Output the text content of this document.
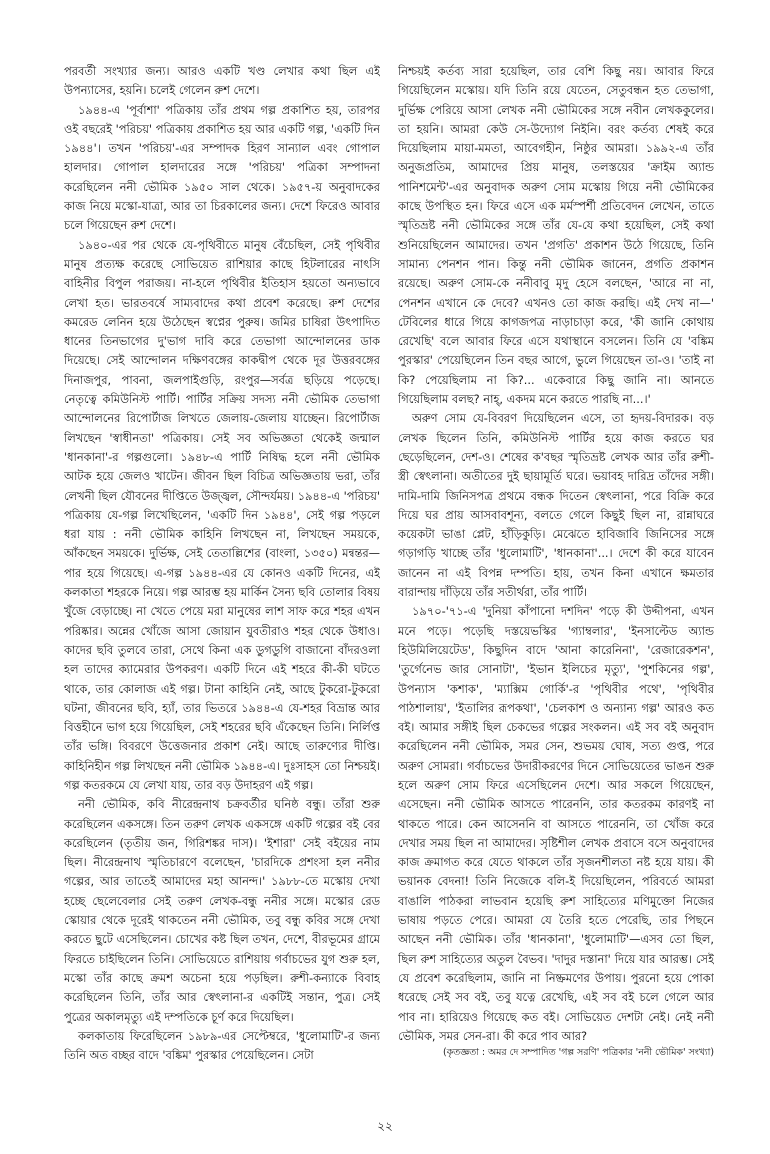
পরবর্তী সংখ্যার জন্য। আরও একটি খণ্ড লেখার কথা ছিল এই উপন্যাসের, হয়নি। চলেই গেলেন রুশ দেশে।

১৯৪৪-এ 'পূর্বাশা' পত্রিকায় তাঁর প্রথম গল্প প্রকাশিত হয়, তারপর ওই বছরেই 'পরিচয়' পত্রিকায় প্রকাশিত হয় আর একটি গল্প, 'একটি দিন ১৯৪৪'। তখন 'পরিচয়'-এর সম্পাদক হিরণ সান্যাল এবং গোপাল হালদার। গোপাল হালদারের সঙ্গে 'পরিচয়' পত্রিকা সম্পাদনা করেছিলেন ননী ভৌমিক ১৯৫০ সাল থেকে। ১৯৫৭-য় অনুবাদকের কাজ নিয়ে মস্কো-যাত্রা, আর তা চিরকালের জন্য। দেশে ফিরেও আবার চলে গিয়েছেন রুশ দেশে।

১৯৪০-এর পর থেকে যে-পৃথিবীতে মানুষ বেঁচেছিল, সেই পৃথিবীর মানুষ প্রত্যক্ষ করেছে সোভিয়েত রাশিয়ার কাছে হিটলারের নাৎসি বাহিনীর বিপুল পরাজয়। না-হলে পৃথিবীর ইতিহাস হয়তো অন্যভাবে লেখা হত। ভারতবর্ষে সাম্যবাদের কথা প্রবেশ করেছে। রুশ দেশের কমরেড লেনিন হয়ে উঠেছেন স্বপ্নের পুরুষ। জমির চাষিরা উৎপাদিত ধানের তিনভাগের দু'ভাগ দাবি করে তেভাগা আন্দোলনের ডাক দিয়েছে। সেই আন্দোলন দক্ষিণবঙ্গের কাকদ্বীপ থেকে দূর উত্তরবঙ্গের দিনাজপুর, পাবনা, জলপাইগুড়ি, রংপুর—সর্বত্র ছড়িয়ে পড়েছে। নেতৃত্বে কমিউনিস্ট পার্টি। পার্টির সক্রিয় সদস্য ননী ভৌমিক তেভাগা আন্দোলনের রিপোর্টাজ লিখতে জেলায়-জেলায় যাচ্ছেন। রিপোর্টাজ লিখছেন 'স্বাধীনতা' পত্রিকায়। সেই সব অভিজ্ঞতা থেকেই জন্মাল 'ধানকানা'-র গল্পগুলো। ১৯৪৮-এ পার্টি নিষিদ্ধ হলে ননী ভৌমিক আটক হয়ে জেলও খাটেন। জীবন ছিল বিচিত্র অভিজ্ঞতায় ভরা, তাঁর লেখনী ছিল যৌবনের দীপ্তিতে উজ্জ্বল, সৌন্দর্যময়। ১৯৪৪-এ 'পরিচয়' পত্রিকায় যে-গল্প লিখেছিলেন, 'একটি দিন ১৯৪৪', সেই গল্প পড়লে ধরা যায় : ননী ভৌমিক কাহিনি লিখছেন না, লিখছেন সময়কে, আঁকছেন সময়কে। দুর্ভিক্ষ, সেই তেতাল্লিশের (বাংলা, ১৩৫০) মন্বন্তর—পার হয়ে গিয়েছে। এ-গল্প ১৯৪৪-এর যে কোনও একটি দিনের, এই কলকাতা শহরকে নিয়ে। গল্প আরম্ভ হয় মার্কিন সৈন্য ছবি তোলার বিষয় খুঁজে বেড়াচ্ছে। না খেতে পেয়ে মরা মানুষের লাশ সাফ করে শহর এখন পরিষ্কার। অন্নের খোঁজে আসা জোয়ান যুবতীরাও শহর থেকে উধাও। কাদের ছবি তুলবে তারা, সেথে কিনা এক ডুগডুগি বাজানো বাঁদরওলা হল তাদের ক্যামেরার উপকরণ। একটি দিনে এই শহরে কী-কী ঘটতে থাকে, তার কোলাজ এই গল্প। টানা কাহিনি নেই, আছে টুকরো-টুকরো ঘটনা, জীবনের ছবি, হ্যাঁ, তার ভিতরে ১৯৪৪-এ যে-শহর বিভ্রান্ত আর বিত্তহীনে ভাগ হয়ে গিয়েছিল, সেই শহরের ছবি এঁকেছেন তিনি। নির্লিপ্ত তাঁর ভঙ্গি। বিবরণে উত্তেজনার প্রকাশ নেই। আছে তারুণ্যের দীপ্তি। কাহিনিহীন গল্প লিখছেন ননী ভৌমিক ১৯৪৪-এ। দুঃসাহস তো নিশ্চয়ই। গল্প কতরকমে যে লেখা যায়, তার বড় উদাহরণ এই গল্প।

ননী ভৌমিক, কবি নীরেন্দ্রনাথ চক্রবর্তীর ঘনিষ্ঠ বন্ধু। তাঁরা শুরু করেছিলেন একসঙ্গে। তিন তরুণ লেখক একসঙ্গে একটি গল্পের বই বের করেছিলেন (তৃতীয় জন, গিরিশঙ্কর দাস)। 'ইশারা' সেই বইয়ের নাম ছিল। নীরেন্দ্রনাথ স্মৃতিচারণে বলেছেন, 'চারদিকে প্রশংসা হল ননীর গল্পের, আর তাতেই আমাদের মহা আনন্দ।' ১৯৮৮-তে মস্কোয় দেখা হচ্ছে ছেলেবেলার সেই তরুণ লেখক-বন্ধু ননীর সঙ্গে। মস্কোর রেড স্কোয়ার থেকে দূরেই থাকতেন ননী ভৌমিক, তবু বন্ধু কবির সঙ্গে দেখা করতে ছুটে এসেছিলেন। চোখের কষ্ট ছিল তখন, দেশে, বীরভূমের গ্রামে ফিরতে চাইছিলেন তিনি। সোভিয়েতে রাশিয়ায় গর্বাচভের যুগ শুরু হল, মস্কো তাঁর কাছে ক্রমশ অচেনা হয়ে পড়ছিল। রুশী-কন্যাকে বিবাহ করেছিলেন তিনি, তাঁর আর স্বেৎলানা-র একটিই সন্তান, পুত্র। সেই পুত্রের অকালমৃত্যু এই দম্পতিকে চূর্ণ করে দিয়েছিল।

কলকাতায় ফিরেছিলেন ১৯৮৯-এর সেপ্টেম্বরে, 'ধুলোমাটি'-র জন্য তিনি অত বচ্ছর বাদে 'বঙ্কিম' পুরস্কার পেয়েছিলেন। সেটা

নিশ্চয়ই কর্তব্য সারা হয়েছিল, তার বেশি কিছু নয়। আবার ফিরে গিয়েছিলেন মস্কোয়। যদি তিনি রয়ে যেতেন, সেতুবন্ধন হত তেভাগা, দুর্ভিক্ষ পেরিয়ে আসা লেখক ননী ভৌমিকের সঙ্গে নবীন লেখককুলের। তা হয়নি। আমরা কেউ সে-উদ্যোগ নিইনি। বরং কর্তব্য শেষই করে দিয়েছিলাম মায়া-মমতা, আবেগহীন, নিষ্ঠুর আমরা। ১৯৯২-এ তাঁর অনুজপ্রতিম, আমাদের প্রিয় মানুষ, তলস্তয়ের 'ক্রাইম অ্যান্ড পানিশমেন্ট'-এর অনুবাদক অরুণ সোম মস্কোয় গিয়ে ননী ভৌমিকের কাছে উপস্থিত হন। ফিরে এসে এক মর্মস্পর্শী প্রতিবেদন লেখেন, তাতে স্মৃতিভ্রষ্ট ননী ভৌমিকের সঙ্গে তাঁর যে-যে কথা হয়েছিল, সেই কথা শুনিয়েছিলেন আমাদের। তখন 'প্রগতি' প্রকাশন উঠে গিয়েছে, তিনি সামান্য পেনশন পান। কিন্তু ননী ভৌমিক জানেন, প্রগতি প্রকাশন রয়েছে। অরুণ সোম-কে ননীবাবু মৃদু হেসে বলছেন, 'আরে না না, পেনশন এখানে কে দেবে? এখনও তো কাজ করছি। এই দেখ না—' টেবিলের ধারে গিয়ে কাগজপত্র নাড়াচাড়া করে, 'কী জানি কোথায় রেখেছি' বলে আবার ফিরে এসে যথাস্থানে বসলেন। তিনি যে 'বঙ্কিম পুরস্কার' পেয়েছিলেন তিন বছর আগে, ভুলে গিয়েছেন তা-ও। 'তাই না কি? পেয়েছিলাম না কি?... একেবারে কিছু জানি না। আনতে গিয়েছিলাম বলছ? নাহ্, একদম মনে করতে পারছি না...।'

অরুণ সোম যে-বিবরণ দিয়েছিলেন এসে, তা হৃদয়-বিদারক। বড় লেখক ছিলেন তিনি, কমিউনিস্ট পার্টির হয়ে কাজ করতে ঘর ছেড়েছিলেন, দেশ-ও। শেষের ক'বছর স্মৃতিভ্রষ্ট লেখক আর তাঁর রুশী-স্ত্রী স্বেৎলানা। অতীতের দুই ছায়ামূর্তি ঘরে। ভয়াবহ দারিদ্র তাঁদের সঙ্গী। দামি-দামি জিনিসপত্র প্রথমে বন্ধক দিতেন স্বেৎলানা, পরে বিক্রি করে দিয়ে ঘর প্রায় আসবাবশূন্য, বলতে গেলে কিছুই ছিল না, রান্নাঘরে কয়েকটা ভাঙা প্লেট, হাঁড়িকুড়ি। মেঝেতে হাবিজাবি জিনিসের সঙ্গে গড়াগড়ি খাচ্ছে তাঁর 'ধুলোমাটি', 'ধানকানা'...। দেশে কী করে যাবেন জানেন না এই বিপন্ন দম্পতি। হায়, তখন কিনা এখানে ক্ষমতার বারান্দায় দাঁড়িয়ে তাঁর সতীর্থরা, তাঁর পার্টি।

১৯৭০-'৭১-এ 'দুনিয়া কাঁপানো দশদিন' পড়ে কী উদ্দীপনা, এখন মনে পড়ে। পড়েছি দস্তয়েভস্কির 'গ্যাম্বলার', 'ইনসাল্টেড অ্যান্ড হিউমিলিয়েটেড', কিছুদিন বাদে 'আনা কারেনিনা', 'রেজারেকশন', 'তুর্গেনেভ জার সোনাটা', 'ইভান ইলিচের মৃত্যু', 'পুশকিনের গল্প', উপন্যাস 'কশাক', 'ম্যাক্সিম গোর্কি'-র 'পৃথিবীর পথে', 'পৃথিবীর পাঠশালায়', 'ইতালির রূপকথা', 'চেলকাশ ও অন্যান্য গল্প' আরও কত বই। আমার সঙ্গীই ছিল চেকভের গল্পের সংকলন। এই সব বই অনুবাদ করেছিলেন ননী ভৌমিক, সমর সেন, শুভময় ঘোষ, সত্য গুপ্ত, পরে অরুণ সোমরা। গর্বাচভের উদারীকরণের দিনে সোভিয়েতের ভাঙন শুরু হলে অরুণ সোম ফিরে এসেছিলেন দেশে। আর সকলে গিয়েছেন, এসেছেন। ননী ভৌমিক আসতে পারেননি, তার কতরকম কারণই না থাকতে পারে। কেন আসেননি বা আসতে পারেননি, তা খোঁজ করে দেখার সময় ছিল না আমাদের। সৃষ্টিশীল লেখক প্রবাসে বসে অনুবাদের কাজ ক্রমাগত করে যেতে থাকলে তাঁর সৃজনশীলতা নষ্ট হয়ে যায়। কী ভয়ানক বেদনা! তিনি নিজেকে বলি-ই দিয়েছিলেন, পরিবর্তে আমরা বাঙালি পাঠকরা লাভবান হয়েছি রুশ সাহিত্যের মণিমুক্তো নিজের ভাষায় পড়তে পেরে। আমরা যে তৈরি হতে পেরেছি, তার পিছনে আছেন ননী ভৌমিক। তাঁর 'ধানকানা', 'ধুলোমাটি'—এসব তো ছিল, ছিল রুশ সাহিত্যের অতুল বৈভব। 'দাদুর দস্তানা' দিয়ে যার আরম্ভ। সেই যে প্রবেশ করেছিলাম, জানি না নিষ্ক্রমণের উপায়। পুরনো হয়ে পোকা ধরেছে সেই সব বই, তবু যত্নে রেখেছি, এই সব বই চলে গেলে আর পাব না। হারিয়েও গিয়েছে কত বই। সোভিয়েত দেশটা নেই। নেই ননী ভৌমিক, সমর সেন-রা। কী করে পাব আর?

(কৃতজ্ঞতা : অমর দে সম্পাদিত 'গল্প সরণি' পত্রিকার 'ননী ভৌমিক' সংখ্যা)

২২
